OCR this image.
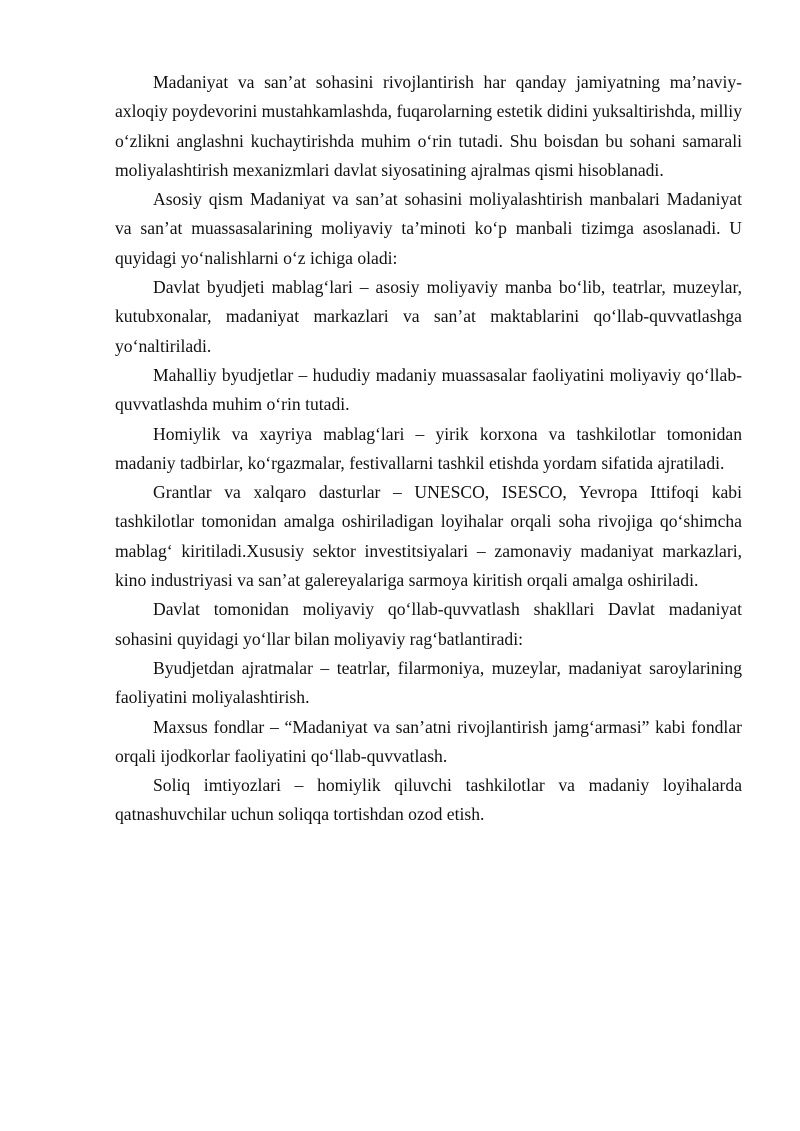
Madaniyat va san’at sohasini rivojlantirish har qanday jamiyatning ma’naviy-axloqiy poydevorini mustahkamlashda, fuqarolarning estetik didini yuksaltirishda, milliy o‘zlikni anglashni kuchaytirishda muhim o‘rin tutadi. Shu boisdan bu sohani samarali moliyalashtirish mexanizmlari davlat siyosatining ajralmas qismi hisoblanadi.

Asosiy qism Madaniyat va san’at sohasini moliyalashtirish manbalari Madaniyat va san’at muassasalarining moliyaviy ta’minoti ko‘p manbali tizimga asoslanadi. U quyidagi yo‘nalishlarni o‘z ichiga oladi:

Davlat byudjeti mablag‘lari – asosiy moliyaviy manba bo‘lib, teatrlar, muzeylar, kutubxonalar, madaniyat markazlari va san’at maktablarini qo‘llab-quvvatlashga yo‘naltiriladi.

Mahalliy byudjetlar – hududiy madaniy muassasalar faoliyatini moliyaviy qo‘llab-quvvatlashda muhim o‘rin tutadi.

Homiylik va xayriya mablag‘lari – yirik korxona va tashkilotlar tomonidan madaniy tadbirlar, ko‘rgazmalar, festivallarni tashkil etishda yordam sifatida ajratiladi.

Grantlar va xalqaro dasturlar – UNESCO, ISESCO, Yevropa Ittifoqi kabi tashkilotlar tomonidan amalga oshiriladigan loyihalar orqali soha rivojiga qo‘shimcha mablag‘ kiritiladi.Xususiy sektor investitsiyalari – zamonaviy madaniyat markazlari, kino industriyasi va san’at galereyalariga sarmoya kiritish orqali amalga oshiriladi.

Davlat tomonidan moliyaviy qo‘llab-quvvatlash shakllari Davlat madaniyat sohasini quyidagi yo‘llar bilan moliyaviy rag‘batlantiradi:

Byudjetdan ajratmalar – teatrlar, filarmoniya, muzeylar, madaniyat saroylarining faoliyatini moliyalashtirish.

Maxsus fondlar – “Madaniyat va san’atni rivojlantirish jamg‘armasi” kabi fondlar orqali ijodkorlar faoliyatini qo‘llab-quvvatlash.

Soliq imtiyozlari – homiylik qiluvchi tashkilotlar va madaniy loyihalarda qatnashuvchilar uchun soliqqa tortishdan ozod etish.
